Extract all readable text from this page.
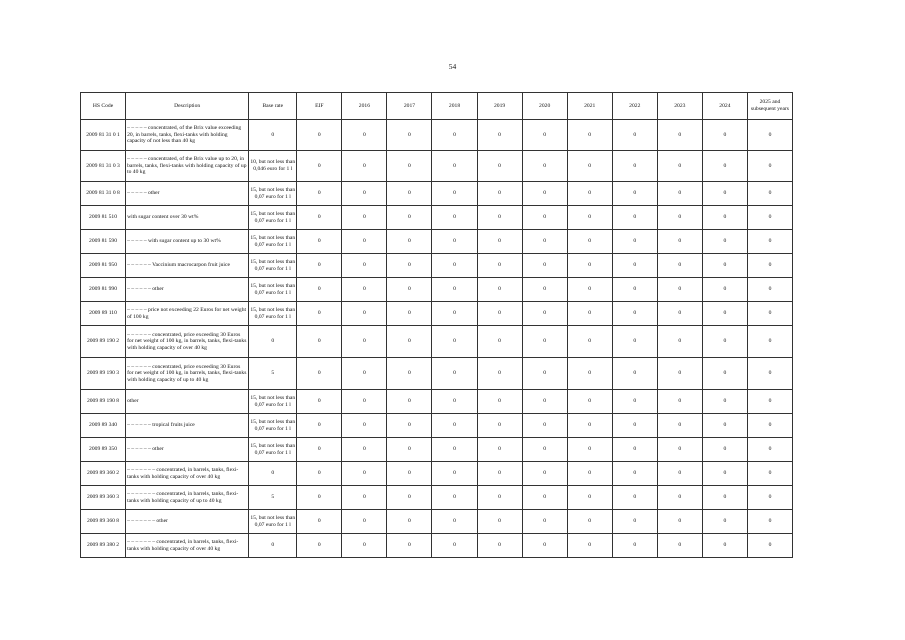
54
HS Code	Description	Base rate	EIF	2016	2017	2018	2019	2020	2021	2022	2023	2024	2025 and subsequent years
2009 81 31 0 1	– – – – – concentrated, of the Brix value exceeding 20, in barrels, tanks, flexi-tanks with holding capacity of not less than 40 kg	0	0	0	0	0	0	0	0	0	0	0	0
2009 81 31 0 3	– – – – – concentrated, of the Brix value up to 20, in barrels, tanks, flexi-tanks with holding capacity of up to 40 kg	10, but not less than 0,046 euro for 1 l	0	0	0	0	0	0	0	0	0	0	0
2009 81 31 0 8	– – – – – other	15, but not less than 0,07 euro for 1 l	0	0	0	0	0	0	0	0	0	0	0
2009 81 510	with sugar content over 30 wt%	15, but not less than 0,07 euro for 1 l	0	0	0	0	0	0	0	0	0	0	0
2009 81 590	– – – – – with sugar content up to 30 wt%	15, but not less than 0,07 euro for 1 l	0	0	0	0	0	0	0	0	0	0	0
2009 81 950	– – – – – – Vaccinium macrocarpon fruit juice	15, but not less than 0,07 euro for 1 l	0	0	0	0	0	0	0	0	0	0	0
2009 81 990	– – – – – – other	15, but not less than 0,07 euro for 1 l	0	0	0	0	0	0	0	0	0	0	0
2009 89 110	– – – – – price not exceeding 22 Euros for net weight of 100 kg	15, but not less than 0,07 euro for 1 l	0	0	0	0	0	0	0	0	0	0	0
2009 89 190 2	– – – – – – concentrated, price exceeding 30 Euros for net weight of 100 kg, in barrels, tanks, flexi-tanks with holding capacity of over 40 kg	0	0	0	0	0	0	0	0	0	0	0	0
2009 89 190 3	– – – – – – concentrated, price exceeding 30 Euros for net weight of 100 kg, in barrels, tanks, flexi-tanks with holding capacity of up to 40 kg	5	0	0	0	0	0	0	0	0	0	0	0
2009 89 190 8	other	15, but not less than 0,07 euro for 1 l	0	0	0	0	0	0	0	0	0	0	0
2009 89 340	– – – – – – tropical fruits juice	15, but not less than 0,07 euro for 1 l	0	0	0	0	0	0	0	0	0	0	0
2009 89 350	– – – – – – other	15, but not less than 0,07 euro for 1 l	0	0	0	0	0	0	0	0	0	0	0
2009 89 360 2	– – – – – – – concentrated, in barrels, tanks, flexi-tanks with holding capacity of over 40 kg	0	0	0	0	0	0	0	0	0	0	0	0
2009 89 360 3	– – – – – – – concentrated, in barrels, tanks, flexi-tanks with holding capacity of up to 40 kg	5	0	0	0	0	0	0	0	0	0	0	0
2009 89 360 8	– – – – – – – other	15, but not less than 0,07 euro for 1 l	0	0	0	0	0	0	0	0	0	0	0
2009 89 380 2	– – – – – – – concentrated, in barrels, tanks, flexi-tanks with holding capacity of over 40 kg	0	0	0	0	0	0	0	0	0	0	0	0
